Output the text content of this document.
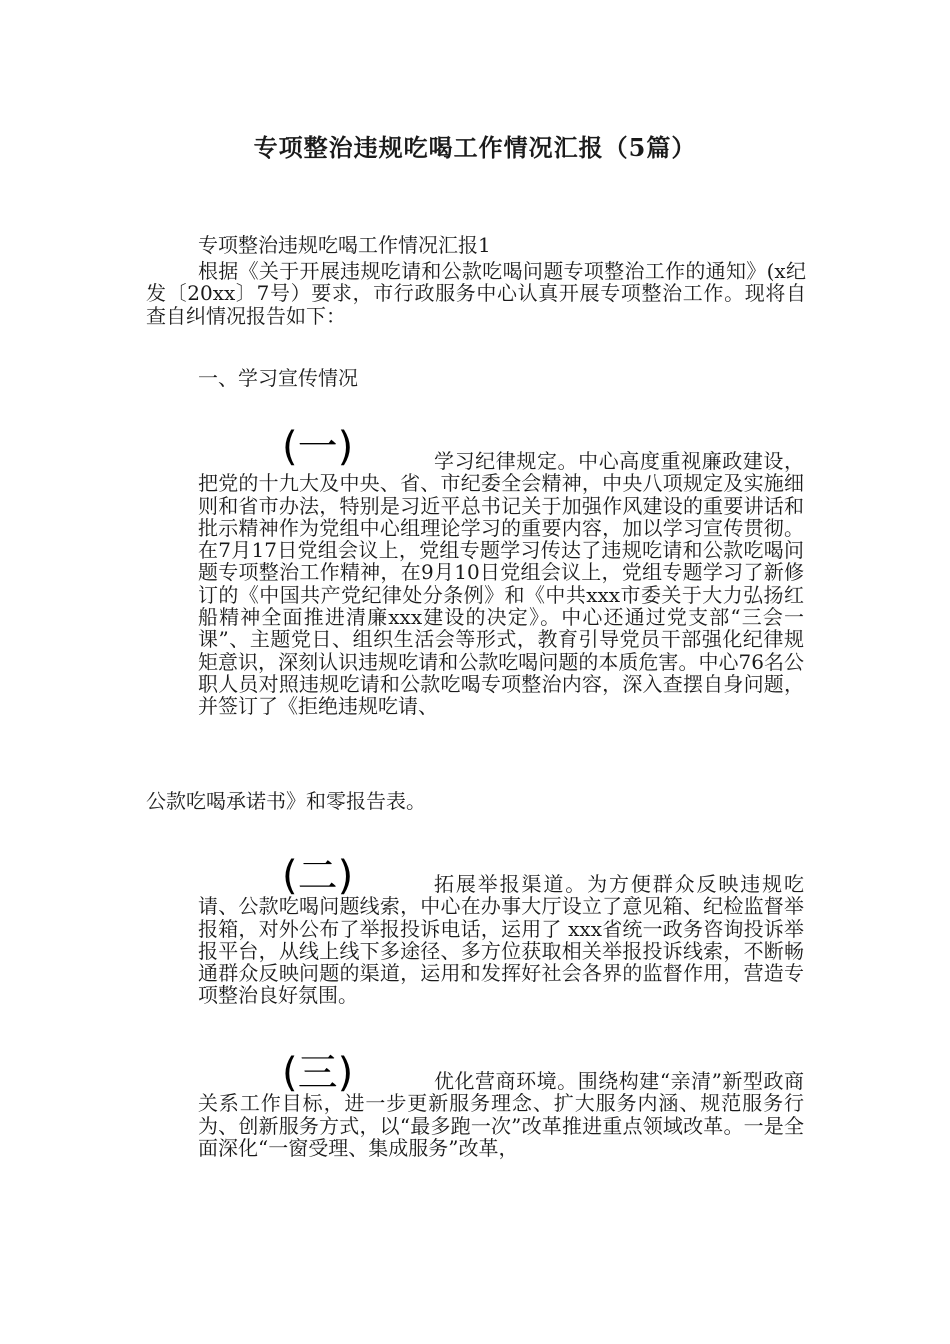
专项整治违规吃喝工作情况汇报（5篇）

专项整治违规吃喝工作情况汇报1

根据《关于开展违规吃请和公款吃喝问题专项整治工作的通知》(x纪发〔20xx〕7号）要求，市行政服务中心认真开展专项整治工作。现将自查自纠情况报告如下：

一、学习宣传情况

(一)	学习纪律规定。中心高度重视廉政建设，把党的十九大及中央、省、市纪委全会精神，中央八项规定及实施细则和省市办法，特别是习近平总书记关于加强作风建设的重要讲话和批示精神作为党组中心组理论学习的重要内容，加以学习宣传贯彻。在7月17日党组会议上，党组专题学习传达了违规吃请和公款吃喝问题专项整治工作精神，在9月10日党组会议上，党组专题学习了新修订的《中国共产党纪律处分条例》和《中共xxx市委关于大力弘扬红船精神全面推进清廉xxx建设的决定》。中心还通过党支部“三会一课”、主题党日、组织生活会等形式，教育引导党员干部强化纪律规矩意识，深刻认识违规吃请和公款吃喝问题的本质危害。中心76名公职人员对照违规吃请和公款吃喝专项整治内容，深入查摆自身问题，并签订了《拒绝违规吃请、

公款吃喝承诺书》和零报告表。

(二)	拓展举报渠道。为方便群众反映违规吃请、公款吃喝问题线索，中心在办事大厅设立了意见箱、纪检监督举报箱，对外公布了举报投诉电话，运用了 xxx省统一政务咨询投诉举报平台，从线上线下多途径、多方位获取相关举报投诉线索，不断畅通群众反映问题的渠道，运用和发挥好社会各界的监督作用，营造专项整治良好氛围。

(三)	优化营商环境。围绕构建“亲清”新型政商关系工作目标，进一步更新服务理念、扩大服务内涵、规范服务行为、创新服务方式，以“最多跑一次”改革推进重点领域改革。一是全面深化“一窗受理、集成服务”改革，
